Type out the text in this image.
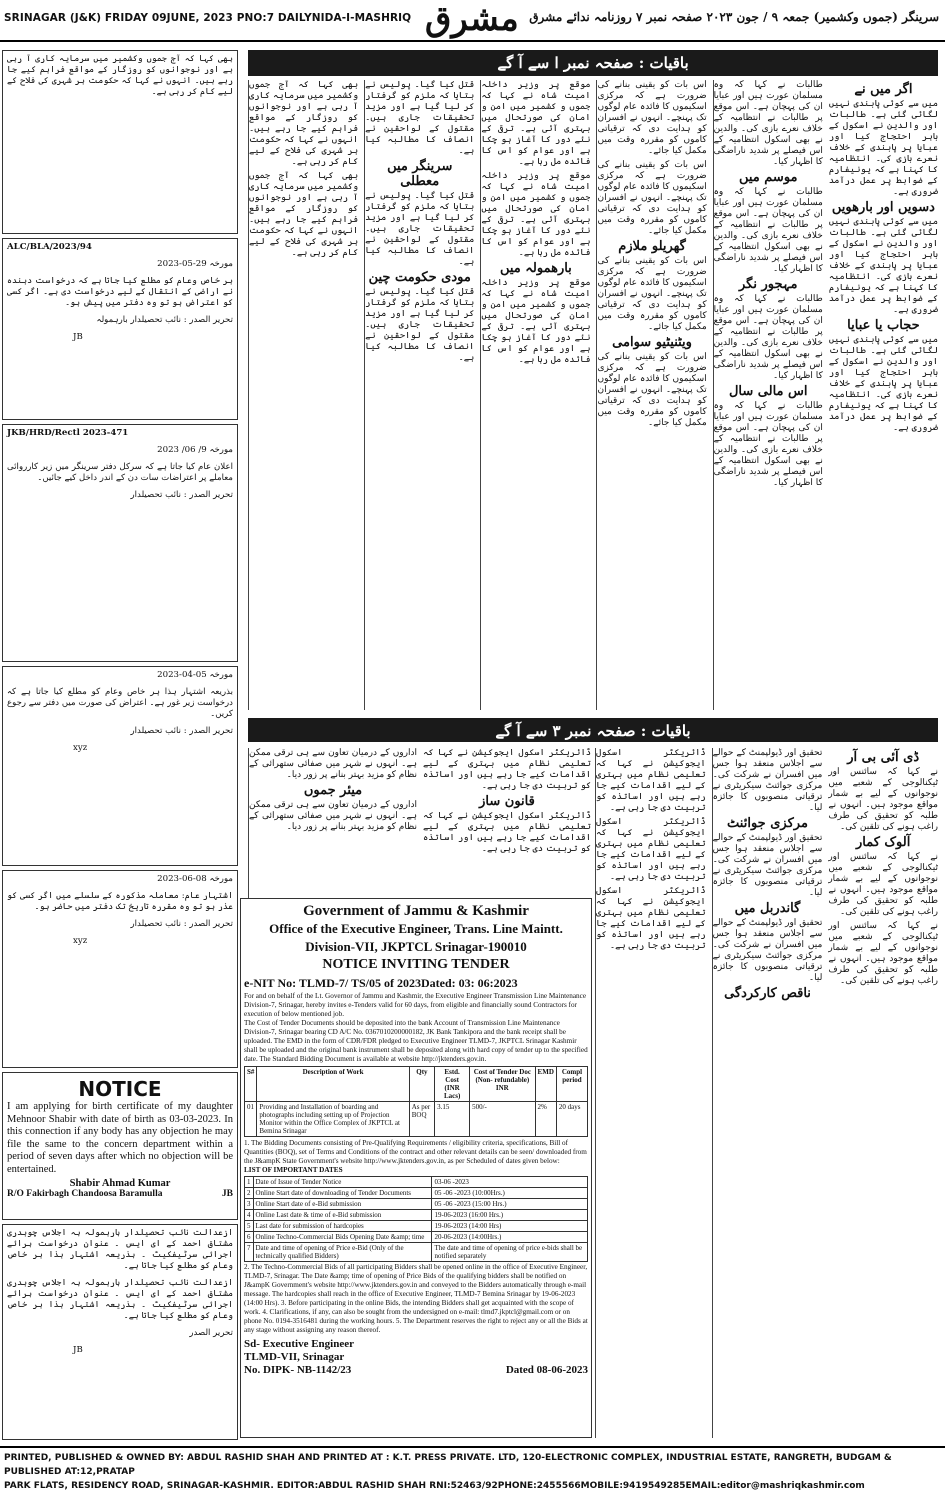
SRINAGAR (J&K) FRIDAY 09JUNE, 2023 PNO:7 DAILYNIDA-I-MASHRIQ مشرق سرینگر (جموں وکشمیر) جمعہ ۹ / جون ۲۰۲۳ صفحہ نمبر ۷ روزنامہ ندائے مشرق
باقیات : صفحہ نمبر ا سے آ گے
اگر میں نے

میں سے کوئی پابندی نہیں لگائی گئی ہے۔ طالبات اور والدین نے اسکول کے باہر احتجاج کیا اور عبایا پر پابندی کے خلاف نعرے بازی کی۔ انتظامیہ کا کہنا ہے کہ یونیفارم کے ضوابط پر عمل درآمد ضروری ہے۔

دسویں اور بارھویں

میں سے کوئی پابندی نہیں لگائی گئی ہے۔ طالبات اور والدین نے اسکول کے باہر احتجاج کیا اور عبایا پر پابندی کے خلاف نعرے بازی کی۔ انتظامیہ کا کہنا ہے کہ یونیفارم کے ضوابط پر عمل درآمد ضروری ہے۔

حجاب یا عبایا

میں سے کوئی پابندی نہیں لگائی گئی ہے۔ طالبات اور والدین نے اسکول کے باہر احتجاج کیا اور عبایا پر پابندی کے خلاف نعرے بازی کی۔ انتظامیہ کا کہنا ہے کہ یونیفارم کے ضوابط پر عمل درآمد ضروری ہے۔

طالبات نے کہا کہ وہ مسلمان عورت ہیں اور عبایا ان کی پہچان ہے۔ اس موقع پر طالبات نے انتظامیہ کے خلاف نعرے بازی کی۔ والدین نے بھی اسکول انتظامیہ کے اس فیصلے پر شدید ناراضگی کا اظہار کیا۔

موسم میں

طالبات نے کہا کہ وہ مسلمان عورت ہیں اور عبایا ان کی پہچان ہے۔ اس موقع پر طالبات نے انتظامیہ کے خلاف نعرے بازی کی۔ والدین نے بھی اسکول انتظامیہ کے اس فیصلے پر شدید ناراضگی کا اظہار کیا۔

مہجور نگر

طالبات نے کہا کہ وہ مسلمان عورت ہیں اور عبایا ان کی پہچان ہے۔ اس موقع پر طالبات نے انتظامیہ کے خلاف نعرے بازی کی۔ والدین نے بھی اسکول انتظامیہ کے اس فیصلے پر شدید ناراضگی کا اظہار کیا۔

اس مالی سال

طالبات نے کہا کہ وہ مسلمان عورت ہیں اور عبایا ان کی پہچان ہے۔ اس موقع پر طالبات نے انتظامیہ کے خلاف نعرے بازی کی۔ والدین نے بھی اسکول انتظامیہ کے اس فیصلے پر شدید ناراضگی کا اظہار کیا۔

اس بات کو یقینی بنانے کی ضرورت ہے کہ مرکزی اسکیموں کا فائدہ عام لوگوں تک پہنچے۔ انہوں نے افسران کو ہدایت دی کہ ترقیاتی کاموں کو مقررہ وقت میں مکمل کیا جائے۔

اس بات کو یقینی بنانے کی ضرورت ہے کہ مرکزی اسکیموں کا فائدہ عام لوگوں تک پہنچے۔ انہوں نے افسران کو ہدایت دی کہ ترقیاتی کاموں کو مقررہ وقت میں مکمل کیا جائے۔

گھریلو ملازم

اس بات کو یقینی بنانے کی ضرورت ہے کہ مرکزی اسکیموں کا فائدہ عام لوگوں تک پہنچے۔ انہوں نے افسران کو ہدایت دی کہ ترقیاتی کاموں کو مقررہ وقت میں مکمل کیا جائے۔

ویٹنیٹیو سوامی

اس بات کو یقینی بنانے کی ضرورت ہے کہ مرکزی اسکیموں کا فائدہ عام لوگوں تک پہنچے۔ انہوں نے افسران کو ہدایت دی کہ ترقیاتی کاموں کو مقررہ وقت میں مکمل کیا جائے۔

موقع پر وزیر داخلہ امیت شاہ نے کہا کہ جموں و کشمیر میں امن و امان کی صورتحال میں بہتری آئی ہے۔ ترقی کے نئے دور کا آغاز ہو چکا ہے اور عوام کو اس کا فائدہ مل رہا ہے۔

موقع پر وزیر داخلہ امیت شاہ نے کہا کہ جموں و کشمیر میں امن و امان کی صورتحال میں بہتری آئی ہے۔ ترقی کے نئے دور کا آغاز ہو چکا ہے اور عوام کو اس کا فائدہ مل رہا ہے۔

بارھمولہ میں

موقع پر وزیر داخلہ امیت شاہ نے کہا کہ جموں و کشمیر میں امن و امان کی صورتحال میں بہتری آئی ہے۔ ترقی کے نئے دور کا آغاز ہو چکا ہے اور عوام کو اس کا فائدہ مل رہا ہے۔

قتل کیا گیا۔ پولیس نے بتایا کہ ملزم کو گرفتار کر لیا گیا ہے اور مزید تحقیقات جاری ہیں۔ مقتول کے لواحقین نے انصاف کا مطالبہ کیا ہے۔

سرینگر میں
معطلی

قتل کیا گیا۔ پولیس نے بتایا کہ ملزم کو گرفتار کر لیا گیا ہے اور مزید تحقیقات جاری ہیں۔ مقتول کے لواحقین نے انصاف کا مطالبہ کیا ہے۔

مودی حکومت چین

قتل کیا گیا۔ پولیس نے بتایا کہ ملزم کو گرفتار کر لیا گیا ہے اور مزید تحقیقات جاری ہیں۔ مقتول کے لواحقین نے انصاف کا مطالبہ کیا ہے۔

بھی کہا کہ آج جموں وکشمیر میں سرمایہ کاری آ رہی ہے اور نوجوانوں کو روزگار کے مواقع فراہم کیے جا رہے ہیں۔ انہوں نے کہا کہ حکومت ہر شہری کی فلاح کے لیے کام کر رہی ہے۔

بھی کہا کہ آج جموں وکشمیر میں سرمایہ کاری آ رہی ہے اور نوجوانوں کو روزگار کے مواقع فراہم کیے جا رہے ہیں۔ انہوں نے کہا کہ حکومت ہر شہری کی فلاح کے لیے کام کر رہی ہے۔

باقیات : صفحہ نمبر ۳ سے آ گے
ڈی آئی بی آر

نے کہا کہ سائنس اور ٹیکنالوجی کے شعبے میں نوجوانوں کے لیے بے شمار مواقع موجود ہیں۔ انہوں نے طلبہ کو تحقیق کی طرف راغب ہونے کی تلقین کی۔

آلوک کمار

نے کہا کہ سائنس اور ٹیکنالوجی کے شعبے میں نوجوانوں کے لیے بے شمار مواقع موجود ہیں۔ انہوں نے طلبہ کو تحقیق کی طرف راغب ہونے کی تلقین کی۔

نے کہا کہ سائنس اور ٹیکنالوجی کے شعبے میں نوجوانوں کے لیے بے شمار مواقع موجود ہیں۔ انہوں نے طلبہ کو تحقیق کی طرف راغب ہونے کی تلقین کی۔

تحقیق اور ڈیولپمنٹ کے حوالے سے اجلاس منعقد ہوا جس میں افسران نے شرکت کی۔ مرکزی جوائنٹ سیکریٹری نے ترقیاتی منصوبوں کا جائزہ لیا۔

مرکزی جوائنٹ

تحقیق اور ڈیولپمنٹ کے حوالے سے اجلاس منعقد ہوا جس میں افسران نے شرکت کی۔ مرکزی جوائنٹ سیکریٹری نے ترقیاتی منصوبوں کا جائزہ لیا۔

گاندربل میں

تحقیق اور ڈیولپمنٹ کے حوالے سے اجلاس منعقد ہوا جس میں افسران نے شرکت کی۔ مرکزی جوائنٹ سیکریٹری نے ترقیاتی منصوبوں کا جائزہ لیا۔

ناقص کارکردگی

ڈائریکٹر اسکول ایجوکیشن نے کہا کہ تعلیمی نظام میں بہتری کے لیے اقدامات کیے جا رہے ہیں اور اساتذہ کو تربیت دی جا رہی ہے۔

ڈائریکٹر اسکول ایجوکیشن نے کہا کہ تعلیمی نظام میں بہتری کے لیے اقدامات کیے جا رہے ہیں اور اساتذہ کو تربیت دی جا رہی ہے۔

ڈائریکٹر اسکول ایجوکیشن نے کہا کہ تعلیمی نظام میں بہتری کے لیے اقدامات کیے جا رہے ہیں اور اساتذہ کو تربیت دی جا رہی ہے۔

ڈائریکٹر اسکول ایجوکیشن نے کہا کہ تعلیمی نظام میں بہتری کے لیے اقدامات کیے جا رہے ہیں اور اساتذہ کو تربیت دی جا رہی ہے۔

قانون ساز

ڈائریکٹر اسکول ایجوکیشن نے کہا کہ تعلیمی نظام میں بہتری کے لیے اقدامات کیے جا رہے ہیں اور اساتذہ کو تربیت دی جا رہی ہے۔

اداروں کے درمیان تعاون سے ہی ترقی ممکن ہے۔ انہوں نے شہر میں صفائی ستھرائی کے نظام کو مزید بہتر بنانے پر زور دیا۔

میئر جموں

اداروں کے درمیان تعاون سے ہی ترقی ممکن ہے۔ انہوں نے شہر میں صفائی ستھرائی کے نظام کو مزید بہتر بنانے پر زور دیا۔

Government of Jammu & Kashmir
Office of the Executive Engineer, Trans. Line Maintt.
Division-VII, JKPTCL Srinagar-190010
NOTICE INVITING TENDER
e-NIT No: TLMD-7/ TS/05 of 2023Dated: 03: 06:2023
For and on behalf of the Lt. Governor of Jammu and Kashmir, the Executive Engineer Transmission Line Maintenance Division-7, Srinagar, hereby invites e-Tenders valid for 60 days, from eligible and financially sound Contractors for execution of below mentioned job.
The Cost of Tender Documents should be deposited into the bank Account of Transmission Line Maintenance Division-7, Srinagar bearing CD A/C No. 0367010200000182, JK Bank Tankipora and the bank receipt shall be uploaded. The EMD in the form of CDR/FDR pledged to Executive Engineer TLMD-7, JKPTCL Srinagar Kashmir shall be uploaded and the original bank instrument shall be deposited along with hard copy of tender up to the specified date. The Standard Bidding Document is available at website http://jktenders.gov.in.
S#	Description of Work	Qty	Estd. Cost (INR Lacs)	Cost of Tender Doc (Non- refundable) INR	EMD	Compl period
01	Providing and Installation of boarding and photographs including setting up of Projection Monitor within the Office Complex of JKPTCL at Bemina Srinagar	As per BOQ	3.15	500/-	2%	20 days
1. The Bidding Documents consisting of Pre-Qualifying Requirements / eligibility criteria, specifications, Bill of Quantities (BOQ), set of Terms and Conditions of the contract and other relevant details can be seen/ downloaded from the J&ampK State Government's website http://www.jktenders.gov.in, as per Scheduled of dates given below:
LIST OF IMPORTANT DATES
1	Date of Issue of Tender Notice	03-06 -2023
2	Online Start date of downloading of Tender Documents	05 -06 -2023 (10:00Hrs.)
3	Online Start date of e-Bid submission	05 -06 -2023 (15:00 Hrs.)
4	Online Last date & time of e-Bid submission	19-06-2023 (16:00 Hrs.)
5	Last date for submission of hardcopies	19-06-2023 (14:00 Hrs)
6	Online Techno-Commercial Bids Opening Date &amp; time	20-06-2023 (14:00Hrs.)
7	Date and time of opening of Price e-Bid (Only of the technically qualified Bidders)	The date and time of opening of price e-bids shall be notified separately
2. The Techno-Commercial Bids of all participating Bidders shall be opened online in the office of Executive Engineer, TLMD-7, Srinagar. The Date &amp; time of opening of Price Bids of the qualifying bidders shall be notified on J&ampK Government's website http://www.jktenders.gov.in and conveyed to the Bidders automatically through e-mail message. The hardcopies shall reach in the office of Executive Engineer, TLMD-7 Bemina Srinagar by 19-06-2023 (14:00 Hrs). 3. Before participating in the online Bids, the intending Bidders shall get acquainted with the scope of work. 4. Clarifications, if any, can also be sought from the undersigned on e-mail: tlmd7.jkptcl@gmail.com or on phone No. 0194-3516481 during the working hours. 5. The Department reserves the right to reject any or all the Bids at any stage without assigning any reason thereof.
Sd- Executive Engineer
TLMD-VII, Srinagar
No. DIPK- NB-1142/23	Dated 08-06-2023
بھی کہا کہ آج جموں وکشمیر میں سرمایہ کاری آ رہی ہے اور نوجوانوں کو روزگار کے مواقع فراہم کیے جا رہے ہیں۔ انہوں نے کہا کہ حکومت ہر شہری کی فلاح کے لیے کام کر رہی ہے۔
ALC/BLA/2023/94
مورخہ 29-05-2023
ہر خاص وعام کو مطلع کیا جاتا ہے کہ درخواست دہندہ نے اراضی کے انتقال کے لیے درخواست دی ہے۔ اگر کسی کو اعتراض ہو تو وہ دفتر میں پیش ہو۔
تحریر الصدر : نائب تحصیلدار بارہمولہ
JB
JKB/HRD/Rectl 2023-471
مورخہ 9/ 06/ 2023
اعلان عام کیا جاتا ہے کہ سرکل دفتر سرینگر میں زیر کارروائی معاملے پر اعتراضات سات دن کے اندر داخل کیے جائیں۔
تحریر الصدر : نائب تحصیلدار
مورخہ 05-04-2023
بذریعہ اشتہار ہذا ہر خاص وعام کو مطلع کیا جاتا ہے کہ درخواست زیر غور ہے۔ اعتراض کی صورت میں دفتر سے رجوع کریں۔
تحریر الصدر : نائب تحصیلدار
xyz
مورخہ 08-06-2023
اشتہار عام: معاملہ مذکورہ کے سلسلے میں اگر کسی کو عذر ہو تو وہ مقررہ تاریخ تک دفتر میں حاضر ہو۔
تحریر الصدر : نائب تحصیلدار
xyz
NOTICE
I am applying for birth certificate of my daughter Mehnoor Shabir with date of birth as 03-03-2023. In this connection if any body has any objection he may file the same to the concern department within a period of seven days after which no objection will be entertained.
Shabir Ahmad Kumar
R/O Fakirbagh Chandoosa Baramulla	JB
ازعدالت نائب تحصیلدار بارہمولہ بہ اجلاس چوہدری مشتاق احمد کے ای ایس ۔ عنوان درخواست برائے اجرائی سرٹیفکیٹ ۔ بذریعہ اشتہار ہذا ہر خاص وعام کو مطلع کیا جاتا ہے۔
ازعدالت نائب تحصیلدار بارہمولہ بہ اجلاس چوہدری مشتاق احمد کے ای ایس ۔ عنوان درخواست برائے اجرائی سرٹیفکیٹ ۔ بذریعہ اشتہار ہذا ہر خاص وعام کو مطلع کیا جاتا ہے۔
تحریر الصدر
JB
PRINTED, PUBLISHED & OWNED BY: ABDUL RASHID SHAH AND PRINTED AT : K.T. PRESS PRIVATE. LTD, 120-ELECTRONIC COMPLEX, INDUSTRIAL ESTATE, RANGRETH, BUDGAM & PUBLISHED AT:12,PRATAP
PARK FLATS, RESIDENCY ROAD, SRINAGAR-KASHMIR. EDITOR:ABDUL RASHID SHAH RNI:52463/92PHONE:2455566MOBILE:9419549285EMAIL:editor@mashriqkashmir.com
